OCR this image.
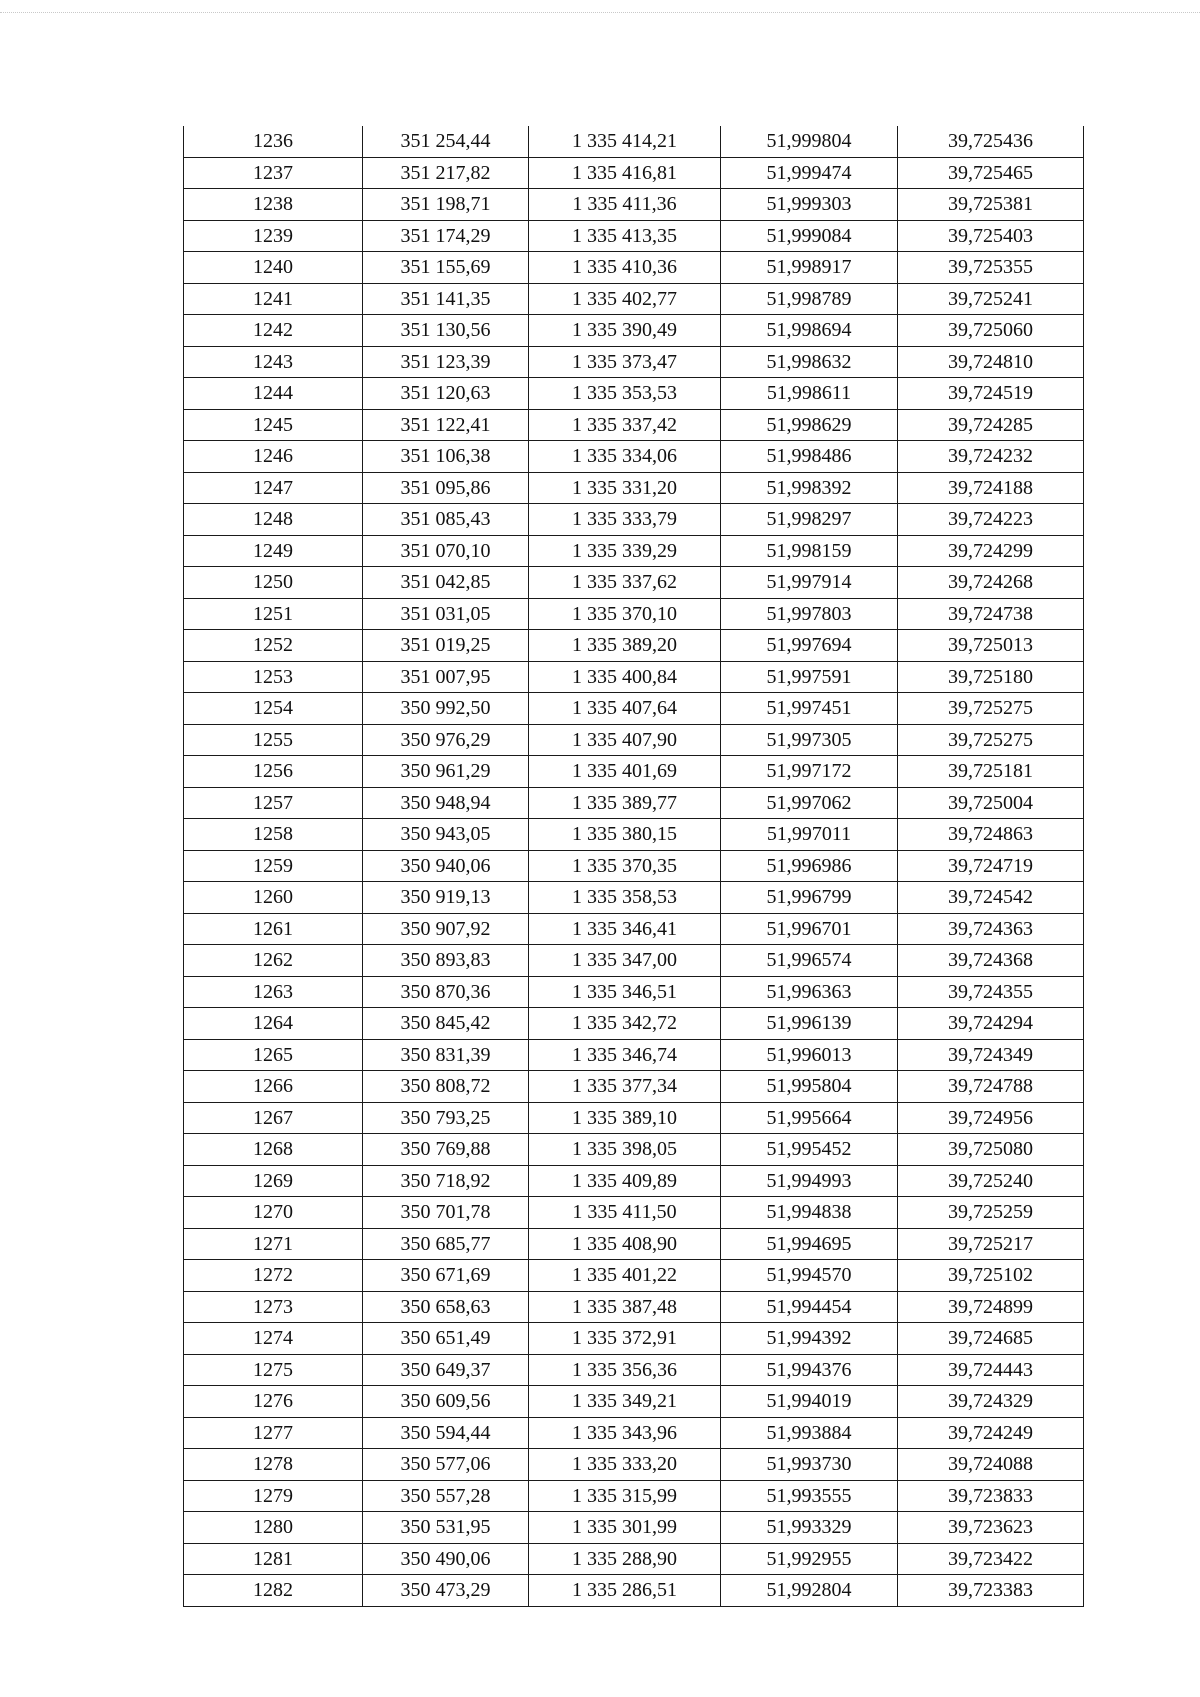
1236	351 254,44	1 335 414,21	51,999804	39,725436
1237	351 217,82	1 335 416,81	51,999474	39,725465
1238	351 198,71	1 335 411,36	51,999303	39,725381
1239	351 174,29	1 335 413,35	51,999084	39,725403
1240	351 155,69	1 335 410,36	51,998917	39,725355
1241	351 141,35	1 335 402,77	51,998789	39,725241
1242	351 130,56	1 335 390,49	51,998694	39,725060
1243	351 123,39	1 335 373,47	51,998632	39,724810
1244	351 120,63	1 335 353,53	51,998611	39,724519
1245	351 122,41	1 335 337,42	51,998629	39,724285
1246	351 106,38	1 335 334,06	51,998486	39,724232
1247	351 095,86	1 335 331,20	51,998392	39,724188
1248	351 085,43	1 335 333,79	51,998297	39,724223
1249	351 070,10	1 335 339,29	51,998159	39,724299
1250	351 042,85	1 335 337,62	51,997914	39,724268
1251	351 031,05	1 335 370,10	51,997803	39,724738
1252	351 019,25	1 335 389,20	51,997694	39,725013
1253	351 007,95	1 335 400,84	51,997591	39,725180
1254	350 992,50	1 335 407,64	51,997451	39,725275
1255	350 976,29	1 335 407,90	51,997305	39,725275
1256	350 961,29	1 335 401,69	51,997172	39,725181
1257	350 948,94	1 335 389,77	51,997062	39,725004
1258	350 943,05	1 335 380,15	51,997011	39,724863
1259	350 940,06	1 335 370,35	51,996986	39,724719
1260	350 919,13	1 335 358,53	51,996799	39,724542
1261	350 907,92	1 335 346,41	51,996701	39,724363
1262	350 893,83	1 335 347,00	51,996574	39,724368
1263	350 870,36	1 335 346,51	51,996363	39,724355
1264	350 845,42	1 335 342,72	51,996139	39,724294
1265	350 831,39	1 335 346,74	51,996013	39,724349
1266	350 808,72	1 335 377,34	51,995804	39,724788
1267	350 793,25	1 335 389,10	51,995664	39,724956
1268	350 769,88	1 335 398,05	51,995452	39,725080
1269	350 718,92	1 335 409,89	51,994993	39,725240
1270	350 701,78	1 335 411,50	51,994838	39,725259
1271	350 685,77	1 335 408,90	51,994695	39,725217
1272	350 671,69	1 335 401,22	51,994570	39,725102
1273	350 658,63	1 335 387,48	51,994454	39,724899
1274	350 651,49	1 335 372,91	51,994392	39,724685
1275	350 649,37	1 335 356,36	51,994376	39,724443
1276	350 609,56	1 335 349,21	51,994019	39,724329
1277	350 594,44	1 335 343,96	51,993884	39,724249
1278	350 577,06	1 335 333,20	51,993730	39,724088
1279	350 557,28	1 335 315,99	51,993555	39,723833
1280	350 531,95	1 335 301,99	51,993329	39,723623
1281	350 490,06	1 335 288,90	51,992955	39,723422
1282	350 473,29	1 335 286,51	51,992804	39,723383
